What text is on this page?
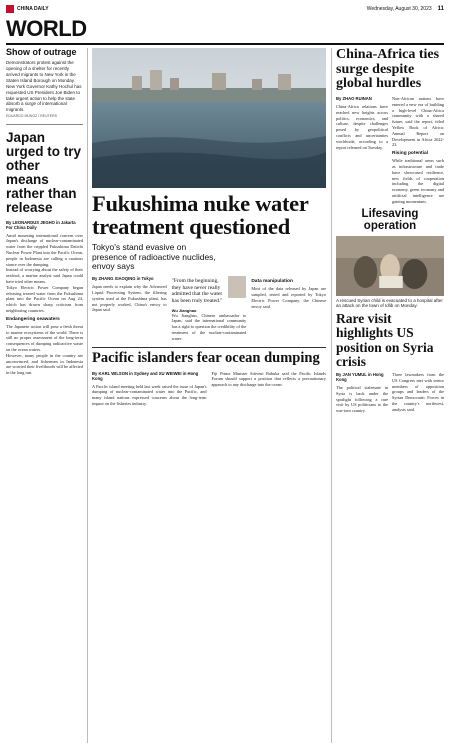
CHINA DAILY	Wednesday, August 30, 2023 11
WORLD
Show of outrage
Demonstrators protest against the opening of a shelter for recently arrived migrants to New York in the Staten Island Borough on Monday. New York Governor Kathy Hochul has requested US President Joe Biden to take urgent action to help the state absorb a surge of international migrants.
EDUARDO MUNOZ / REUTERS
Japan urged to try other means rather than release
By LEONARDUS JEGHO in Jakarta For China Daily

Amid mounting international concern over Japan's discharge of nuclear-contaminated water from the crippled Fukushima Daiichi Nuclear Power Plant into the Pacific Ocean, people in Indonesia are calling a cautious stance over the dumping.

Instead of worrying about the safety of their seafood, a marine analyst said Japan could have tried other means.

Tokyo Electric Power Company began releasing treated water from the Fukushima plant into the Pacific Ocean on Aug 24, which has drawn sharp criticism from neighboring countries.

Endangering seawaters

The Japanese action will pose a fresh threat to marine ecosystems of the world. There is still no proper assessment of the long-term consequences of dumping radioactive waste on the ocean waters.

However, many people in the country are unconvinced, and fishermen in Indonesia are worried their livelihoods will be affected in the long run.

Fukushima nuke water treatment questioned
Tokyo's stand evasive on presence of radioactive nuclides, envoy says
By ZHANG XIAOQING in Tokyo

Japan needs to explain why the Advanced Liquid Processing System, the filtering system used at the Fukushima plant, has not properly worked, China's envoy to Japan said.

"From the beginning, they have never really admitted that the water has been truly treated."
Wu Jianghao

Wu Jianghao, Chinese ambassador to Japan, said the international community has a right to question the credibility of the treatment of the nuclear-contaminated water.

Data manipulation

Most of the data released by Japan are sampled, tested and reported by Tokyo Electric Power Company, the Chinese envoy said.

Pacific islanders fear ocean dumping
By KARL WILSON in Sydney and XU WEIWEI in Hong Kong

A Pacific island meeting held last week raised the issue of Japan's dumping of nuclear-contaminated water into the Pacific, and many island nations expressed concerns about the long-term impact on the fisheries industry.

Fiji Prime Minister Sitiveni Rabuka said the Pacific Islands Forum should support a position that reflects a precautionary approach to any discharge into the ocean.

China-Africa ties surge despite global hurdles
By ZHAO RUINAN

China-Africa relations have reached new heights across politics, economics, and culture, despite challenges posed by geopolitical conflicts and uncertainties worldwide, according to a report released on Tuesday.

Non-African nations have entered a new era of building a high-level China-Africa community with a shared future, said the report, titled Yellow Book of Africa: Annual Report on Development in Africa 2022-23.

Rising potential

While traditional areas such as infrastructure and trade have showcased resilience, new fields of cooperation including the digital economy, green economy and artificial intelligence are gaining momentum.

Lifesaving operation
A rescued Syrian child is evacuated to a hospital after an attack on the town of Idlib on Monday.
Rare visit highlights US position on Syria crisis
By JAN YUMUL in Hong Kong

The political stalemate in Syria is back under the spotlight following a rare visit by US politicians to the war-torn country.

Three lawmakers from the US Congress met with senior members of opposition groups and leaders of the Syrian Democratic Forces in the country's northwest, analysts said.
